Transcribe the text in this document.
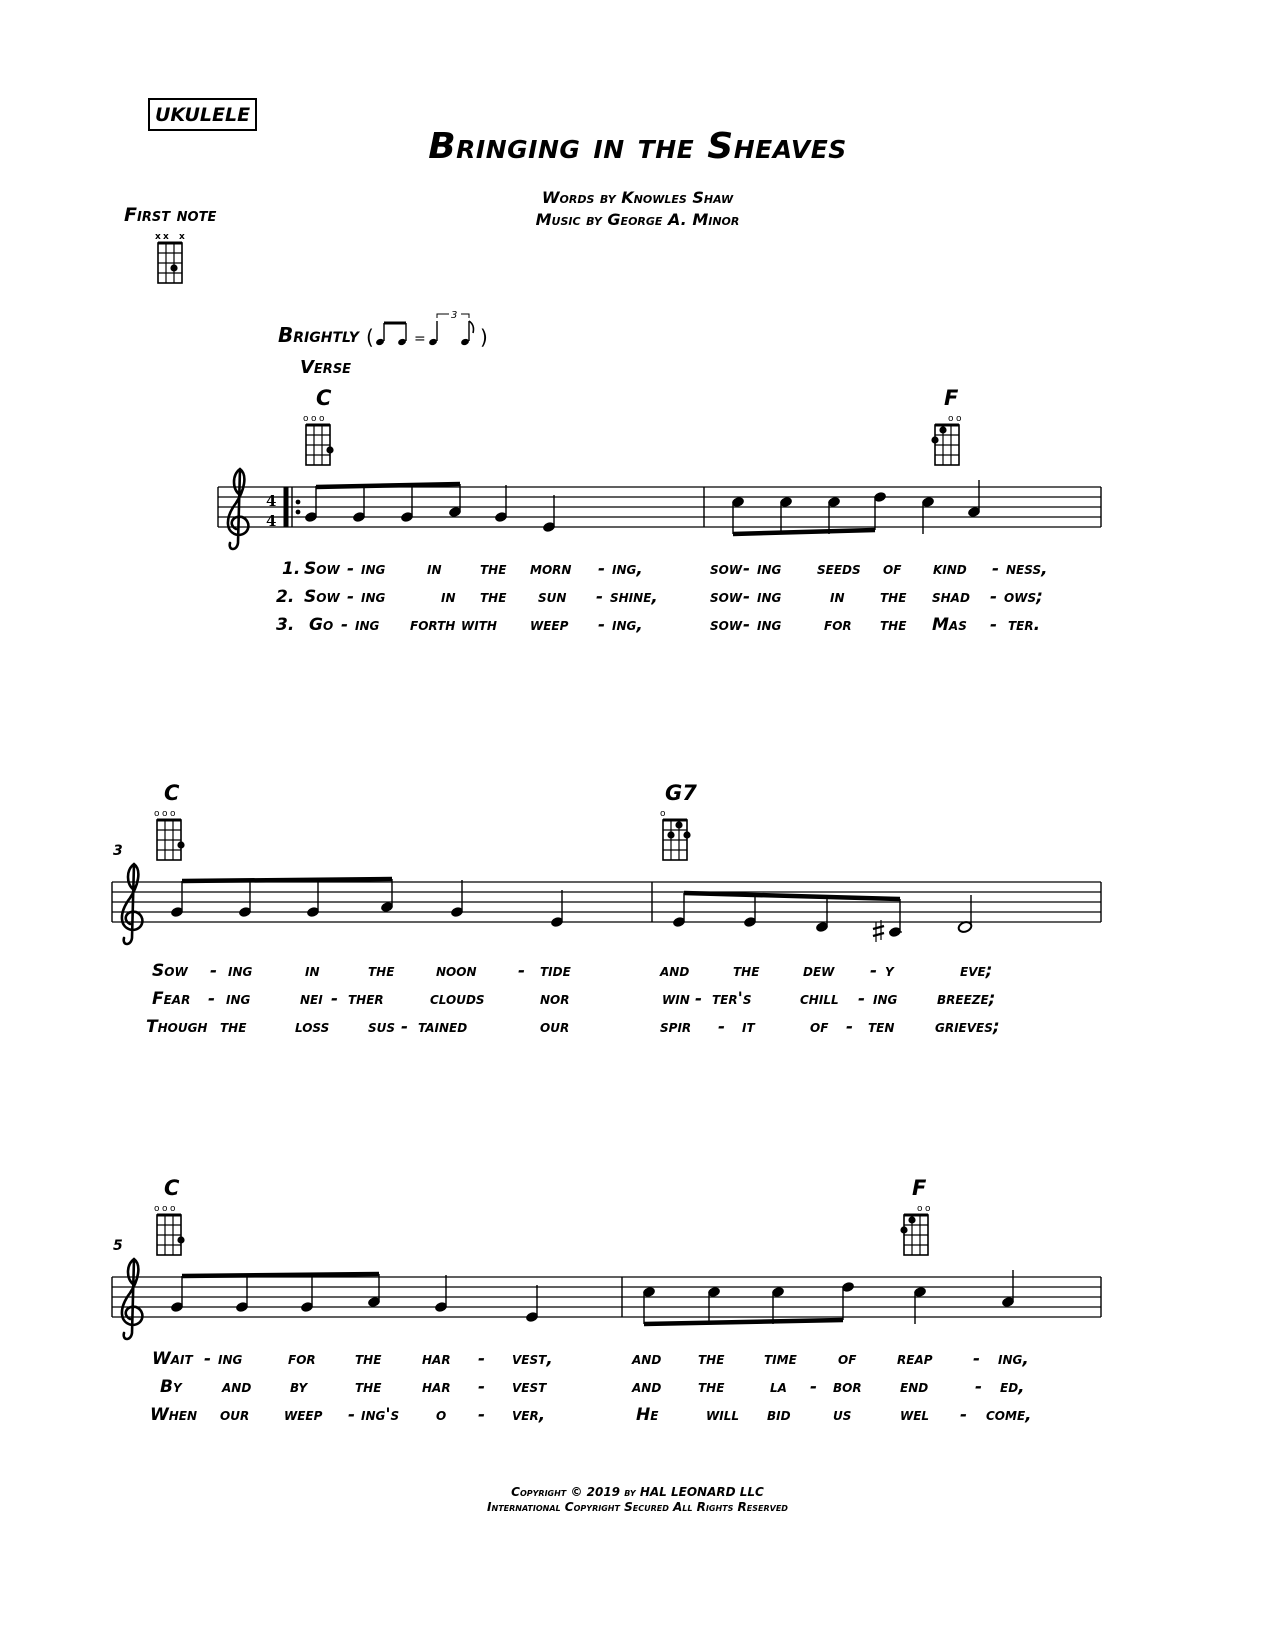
UKULELE
Bringing in the Sheaves
Words by Knowles Shaw
Music by George A. Minor
First note
Brightly
Verse
C	F
C	G7
C	F
3
5
x x x
(	=
3
)
4
4
o o o	o o
o o o	o
o o o	o o
1. Sow - ing in the morn - ing,	sow - ing seeds of kind - ness,
2. Sow - ing	in the sun - shine,	sow - ing	in the shad - ows;
3. Go - ing forth with weep - ing,	sow - ing	for the Mas - ter.
Sow - ing	in	the noon - tide	and	the	dew - y	eve;
Fear - ing	nei - ther	clouds	nor	win - ter's	chill - ing breeze;
Though the	loss sus - tained	our	spir - it	of - ten grieves;
Wait - ing	for the har - vest,	and the time of reap - ing,
By and by	the har - vest	and the	la - bor end	- ed,
When our weep - ing's o - ver,	He	will bid us	wel - come,
Copyright © 2019 by HAL LEONARD LLC
International Copyright Secured All Rights Reserved
